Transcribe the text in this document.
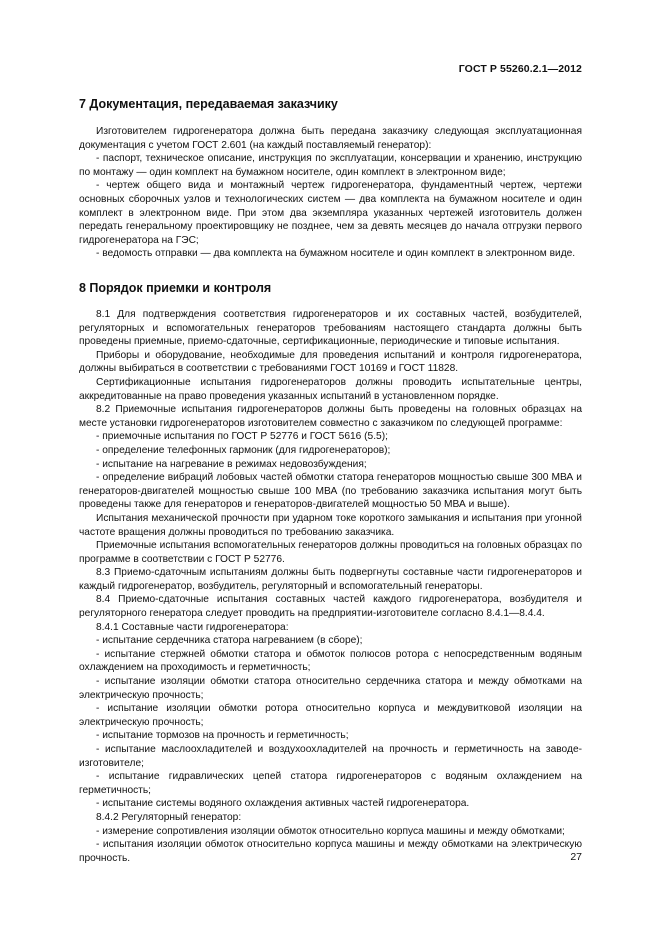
ГОСТ Р 55260.2.1—2012
7 Документация, передаваемая заказчику

Изготовителем гидрогенератора должна быть передана заказчику следующая эксплуатационная документация с учетом ГОСТ 2.601 (на каждый поставляемый генератор):

- паспорт, техническое описание, инструкция по эксплуатации, консервации и хранению, инструкцию по монтажу — один комплект на бумажном носителе, один комплект в электронном виде;

- чертеж общего вида и монтажный чертеж гидрогенератора, фундаментный чертеж, чертежи основных сборочных узлов и технологических систем — два комплекта на бумажном носителе и один комплект в электронном виде. При этом два экземпляра указанных чертежей изготовитель должен передать генеральному проектировщику не позднее, чем за девять месяцев до начала отгрузки первого гидрогенератора на ГЭС;

- ведомость отправки — два комплекта на бумажном носителе и один комплект в электронном виде.

8 Порядок приемки и контроля

8.1 Для подтверждения соответствия гидрогенераторов и их составных частей, возбудителей, регуляторных и вспомогательных генераторов требованиям настоящего стандарта должны быть проведены приемные, приемо-сдаточные, сертификационные, периодические и типовые испытания.

Приборы и оборудование, необходимые для проведения испытаний и контроля гидрогенератора, должны выбираться в соответствии с требованиями ГОСТ 10169 и ГОСТ 11828.

Сертификационные испытания гидрогенераторов должны проводить испытательные центры, аккредитованные на право проведения указанных испытаний в установленном порядке.

8.2 Приемочные испытания гидрогенераторов должны быть проведены на головных образцах на месте установки гидрогенераторов изготовителем совместно с заказчиком по следующей программе:

- приемочные испытания по ГОСТ Р 52776 и ГОСТ 5616 (5.5);

- определение телефонных гармоник (для гидрогенераторов);

- испытание на нагревание в режимах недовозбуждения;

- определение вибраций лобовых частей обмотки статора генераторов мощностью свыше 300 МВА и генераторов-двигателей мощностью свыше 100 МВА (по требованию заказчика испытания могут быть проведены также для генераторов и генераторов-двигателей мощностью 50 МВА и выше).

Испытания механической прочности при ударном токе короткого замыкания и испытания при угонной частоте вращения должны проводиться по требованию заказчика.

Приемочные испытания вспомогательных генераторов должны проводиться на головных образцах по программе в соответствии с ГОСТ Р 52776.

8.3 Приемо-сдаточным испытаниям должны быть подвергнуты составные части гидрогенераторов и каждый гидрогенератор, возбудитель, регуляторный и вспомогательный генераторы.

8.4 Приемо-сдаточные испытания составных частей каждого гидрогенератора, возбудителя и регуляторного генератора следует проводить на предприятии-изготовителе согласно 8.4.1—8.4.4.

8.4.1 Составные части гидрогенератора:

- испытание сердечника статора нагреванием (в сборе);

- испытание стержней обмотки статора и обмоток полюсов ротора с непосредственным водяным охлаждением на проходимость и герметичность;

- испытание изоляции обмотки статора относительно сердечника статора и между обмотками на электрическую прочность;

- испытание изоляции обмотки ротора относительно корпуса и междувитковой изоляции на электрическую прочность;

- испытание тормозов на прочность и герметичность;

- испытание маслоохладителей и воздухоохладителей на прочность и герметичность на заводе-изготовителе;

- испытание гидравлических цепей статора гидрогенераторов с водяным охлаждением на герметичность;

- испытание системы водяного охлаждения активных частей гидрогенератора.

8.4.2 Регуляторный генератор:

- измерение сопротивления изоляции обмоток относительно корпуса машины и между обмотками;

- испытания изоляции обмоток относительно корпуса машины и между обмотками на электрическую прочность.	27
